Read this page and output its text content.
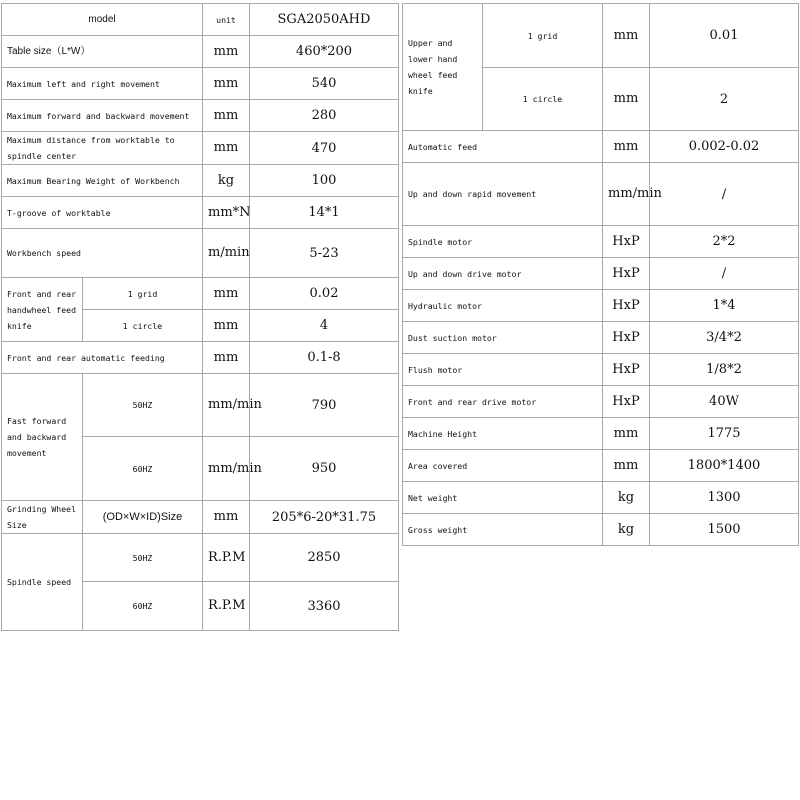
model		unit	SGA2050AHD
Table size（L*W）		mm	460*200
Maximum left and right movement		mm	540
Maximum forward and backward movement		mm	280
Maximum distance from worktable to spindle center		mm	470
Maximum Bearing Weight of Workbench		kg	100
T-groove of worktable		mm*N	14*1
Workbench speed		m/min	5-23
Front and rear handwheel feed knife	1 grid	mm	0.02
	1 circle	mm	4
Front and rear automatic feeding		mm	0.1-8
Fast forward and backward movement	50HZ	mm/min	790
	60HZ	mm/min	950
Grinding Wheel Size	(OD×W×ID)Size	mm	205*6-20*31.75
Spindle speed	50HZ	R.P.M	2850
	60HZ	R.P.M	3360
Upper and lower hand wheel feed knife	1 grid	mm	0.01
	1 circle	mm	2
Automatic feed		mm	0.002-0.02
Up and down rapid movement		mm/min	/
Spindle motor		HxP	2*2
Up and down drive motor		HxP	/
Hydraulic motor		HxP	1*4
Dust suction motor		HxP	3/4*2
Flush motor		HxP	1/8*2
Front and rear drive motor		HxP	40W
Machine Height		mm	1775
Area covered		mm	1800*1400
Net weight		kg	1300
Gross weight		kg	1500
